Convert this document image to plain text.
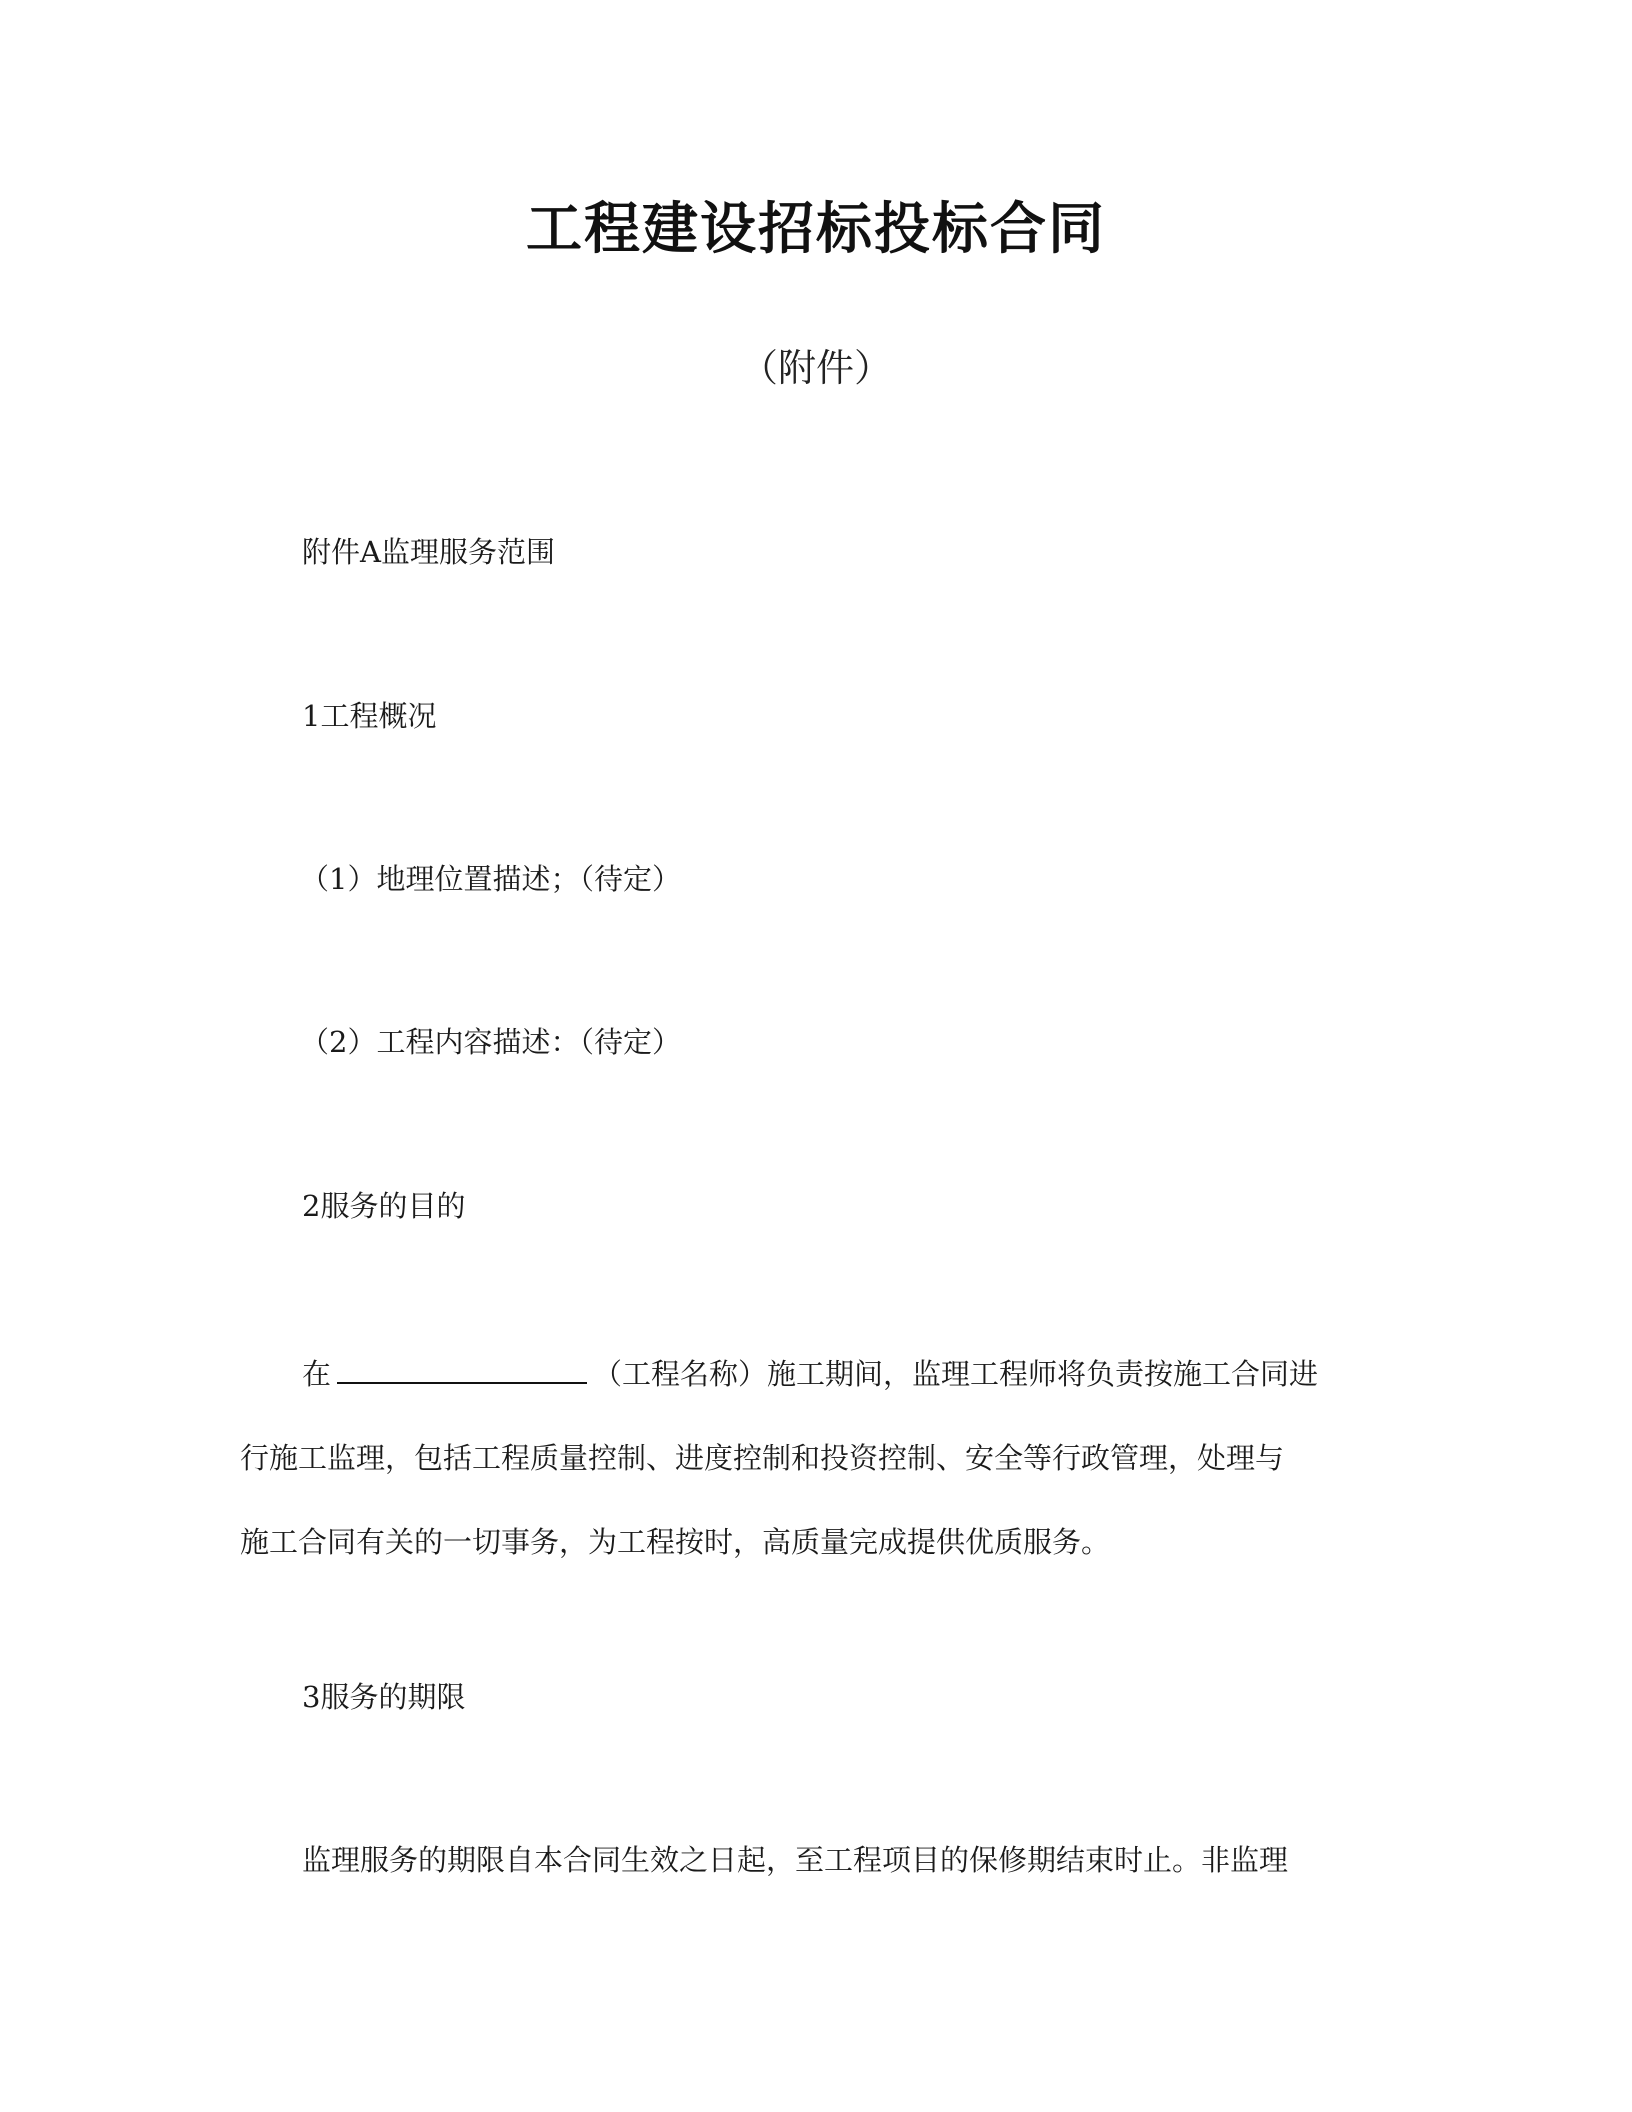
工程建设招标投标合同
（附件）
附件A监理服务范围
1工程概况
（1）地理位置描述；（待定）
（2）工程内容描述：（待定）
2服务的目的
在	（工程名称）施工期间，监理工程师将负责按施工合同进
行施工监理，包括工程质量控制、进度控制和投资控制、安全等行政管理，处理与
施工合同有关的一切事务，为工程按时，高质量完成提供优质服务。
3服务的期限
监理服务的期限自本合同生效之日起，至工程项目的保修期结束时止。非监理
